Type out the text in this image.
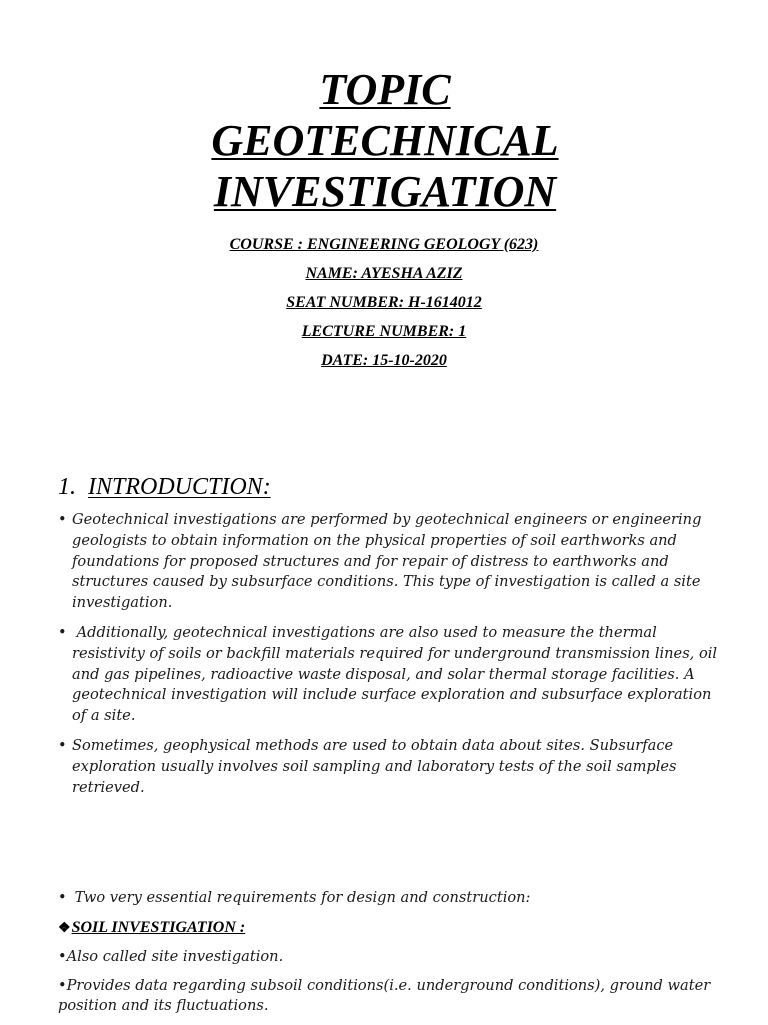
TOPIC
GEOTECHNICAL
INVESTIGATION
COURSE : ENGINEERING GEOLOGY (623)
NAME: AYESHA AZIZ
SEAT NUMBER: H-1614012
LECTURE NUMBER: 1
DATE: 15-10-2020
1. INTRODUCTION:
• Geotechnical investigations are performed by geotechnical engineers or engineering geologists to obtain information on the physical properties of soil earthworks and foundations for proposed structures and for repair of distress to earthworks and structures caused by subsurface conditions. This type of investigation is called a site investigation.
• Additionally, geotechnical investigations are also used to measure the thermal resistivity of soils or backfill materials required for underground transmission lines, oil and gas pipelines, radioactive waste disposal, and solar thermal storage facilities. A geotechnical investigation will include surface exploration and subsurface exploration of a site.
• Sometimes, geophysical methods are used to obtain data about sites. Subsurface exploration usually involves soil sampling and laboratory tests of the soil samples retrieved.
• Two very essential requirements for design and construction:
❖SOIL INVESTIGATION :
•Also called site investigation.
•Provides data regarding subsoil conditions(i.e. underground conditions), ground water position and its fluctuations.
